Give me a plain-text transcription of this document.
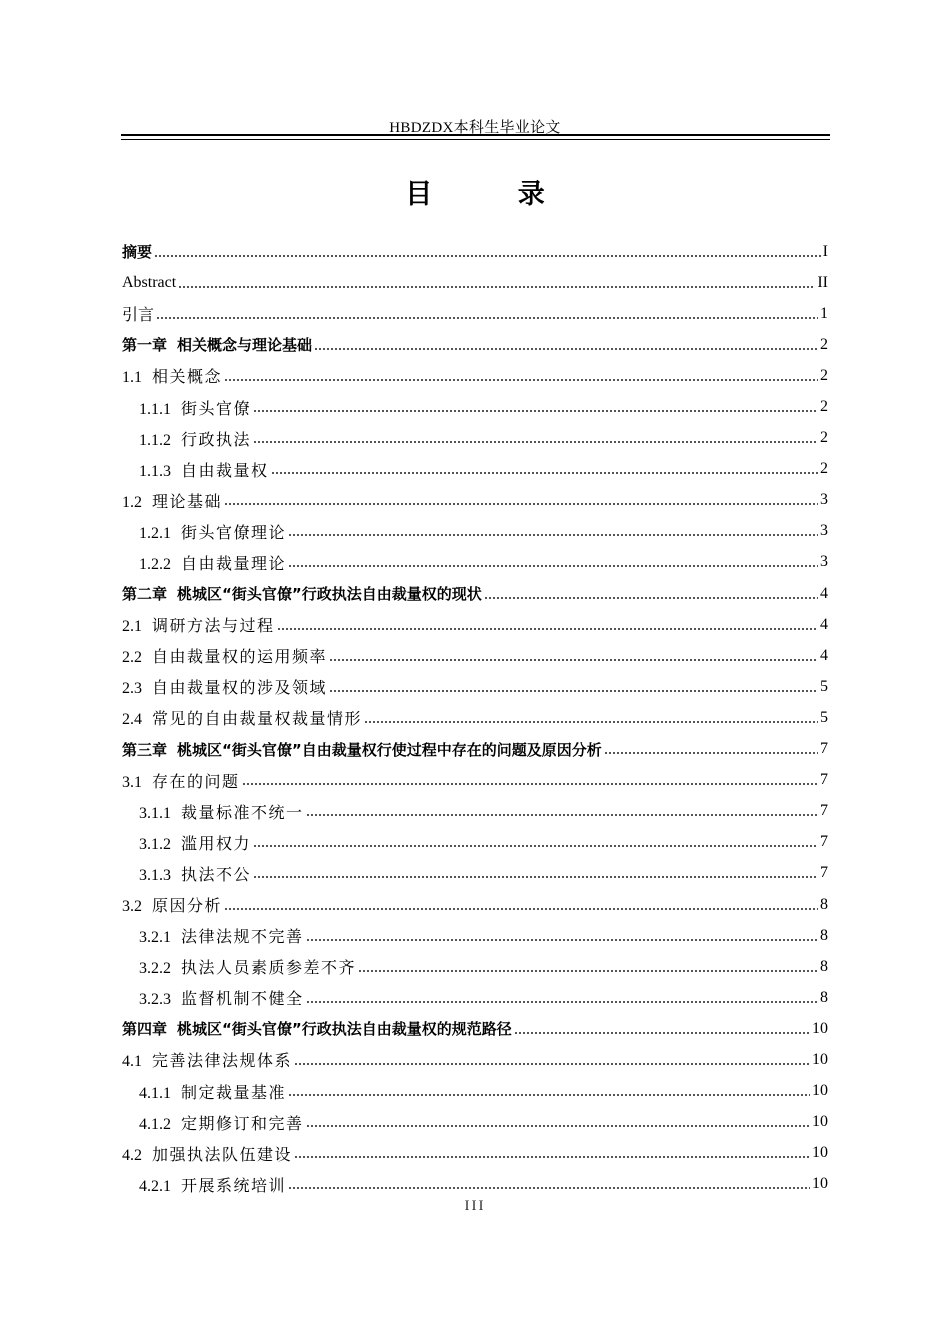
HBDZDX本科生毕业论文
目 录
摘要	I
Abstract	II
引言	1
第一章 相关概念与理论基础	2
1.1 相关概念	2
1.1.1 街头官僚	2
1.1.2 行政执法	2
1.1.3 自由裁量权	2
1.2 理论基础	3
1.2.1 街头官僚理论	3
1.2.2 自由裁量理论	3
第二章 桃城区“街头官僚”行政执法自由裁量权的现状	4
2.1 调研方法与过程	4
2.2 自由裁量权的运用频率	4
2.3 自由裁量权的涉及领域	5
2.4 常见的自由裁量权裁量情形	5
第三章 桃城区“街头官僚”自由裁量权行使过程中存在的问题及原因分析	7
3.1 存在的问题	7
3.1.1 裁量标准不统一	7
3.1.2 滥用权力	7
3.1.3 执法不公	7
3.2 原因分析	8
3.2.1 法律法规不完善	8
3.2.2 执法人员素质参差不齐	8
3.2.3 监督机制不健全	8
第四章 桃城区“街头官僚”行政执法自由裁量权的规范路径	10
4.1 完善法律法规体系	10
4.1.1 制定裁量基准	10
4.1.2 定期修订和完善	10
4.2 加强执法队伍建设	10
4.2.1 开展系统培训	10
III
